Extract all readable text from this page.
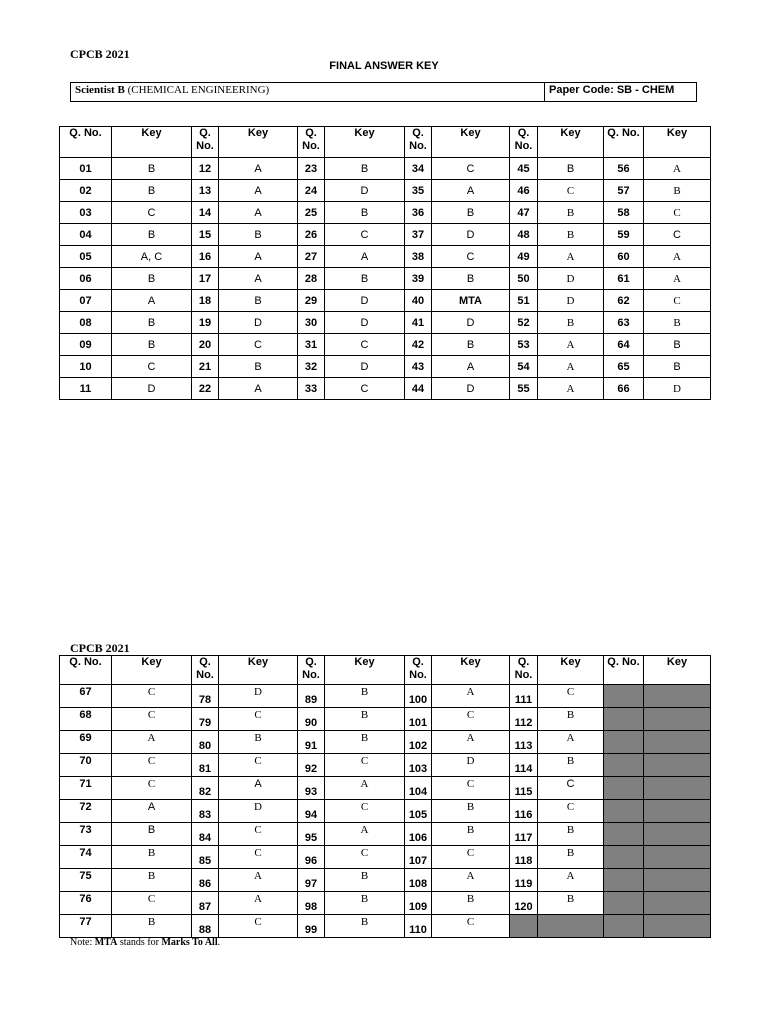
CPCB 2021
FINAL ANSWER KEY
Scientist B (CHEMICAL ENGINEERING)	Paper Code: SB - CHEM
Q. No.	Key	Q. No.	Key	Q. No.	Key	Q. No.	Key	Q. No.	Key	Q. No.	Key
01	B	12	A	23	B	34	C	45	B	56	A
02	B	13	A	24	D	35	A	46	C	57	B
03	C	14	A	25	B	36	B	47	B	58	C
04	B	15	B	26	C	37	D	48	B	59	C
05	A, C	16	A	27	A	38	C	49	A	60	A
06	B	17	A	28	B	39	B	50	D	61	A
07	A	18	B	29	D	40	MTA	51	D	62	C
08	B	19	D	30	D	41	D	52	B	63	B
09	B	20	C	31	C	42	B	53	A	64	B
10	C	21	B	32	D	43	A	54	A	65	B
11	D	22	A	33	C	44	D	55	A	66	D
CPCB 2021
Q. No.	Key	Q. No.	Key	Q. No.	Key	Q. No.	Key	Q. No.	Key	Q. No.	Key
67	C	78	D	89	B	100	A	111	C		
68	C	79	C	90	B	101	C	112	B		
69	A	80	B	91	B	102	A	113	A		
70	C	81	C	92	C	103	D	114	B		
71	C	82	A	93	A	104	C	115	C		
72	A	83	D	94	C	105	B	116	C		
73	B	84	C	95	A	106	B	117	B		
74	B	85	C	96	C	107	C	118	B		
75	B	86	A	97	B	108	A	119	A		
76	C	87	A	98	B	109	B	120	B		
77	B	88	C	99	B	110	C				
Note: MTA stands for Marks To All.
